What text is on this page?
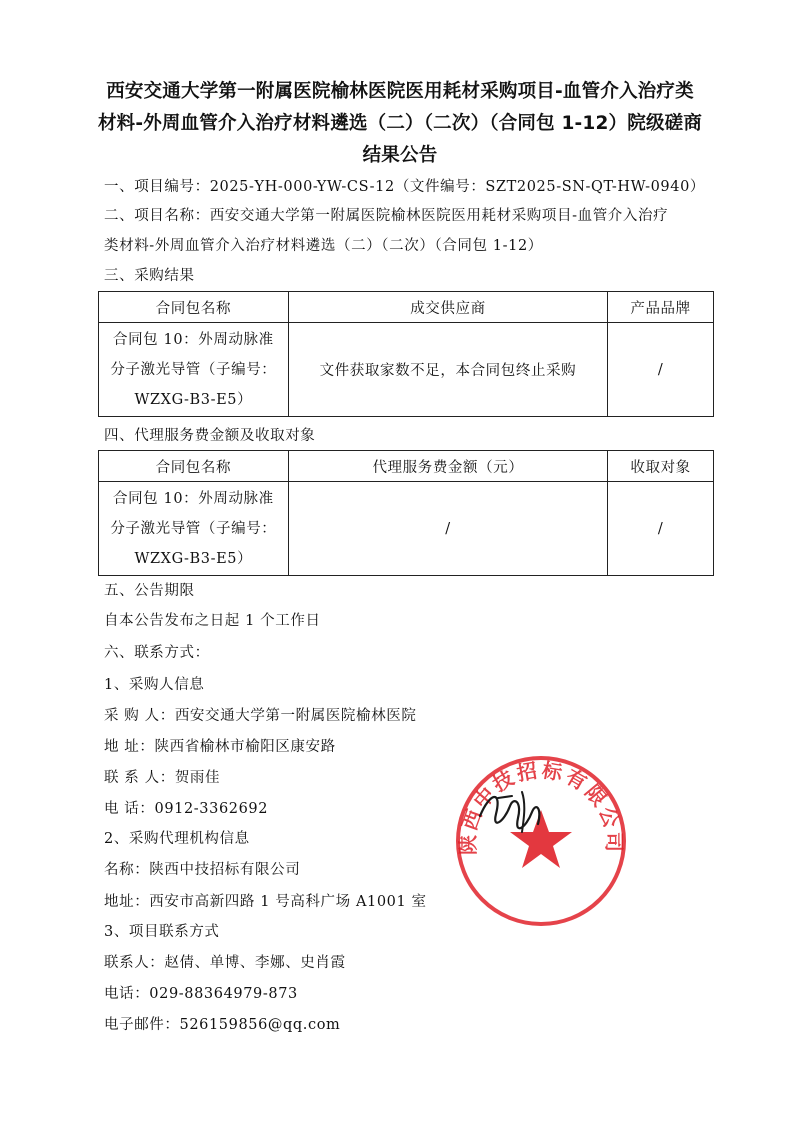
西安交通大学第一附属医院榆林医院医用耗材采购项目-血管介入治疗类
材料-外周血管介入治疗材料遴选（二）（二次）（合同包 1-12）院级磋商
结果公告
一、项目编号：2025-YH-000-YW-CS-12（文件编号：SZT2025-SN-QT-HW-0940）
二、项目名称：西安交通大学第一附属医院榆林医院医用耗材采购项目-血管介入治疗
类材料-外周血管介入治疗材料遴选（二）（二次）（合同包 1-12）
三、采购结果
合同包名称	成交供应商	产品品牌

合同包 10：外周动脉准
分子激光导管（子编号：
WZXG-B3-E5）	文件获取家数不足，本合同包终止采购	/
四、代理服务费金额及收取对象
合同包名称	代理服务费金额（元）	收取对象

合同包 10：外周动脉准
分子激光导管（子编号：
WZXG-B3-E5）	/	/
五、公告期限
自本公告发布之日起 1 个工作日
六、联系方式：
1、采购人信息
采 购 人：西安交通大学第一附属医院榆林医院
地 址：陕西省榆林市榆阳区康安路
联 系 人：贺雨佳
电 话：0912-3362692
2、采购代理机构信息
名称：陕西中技招标有限公司
地址：西安市高新四路 1 号高科广场 A1001 室
3、项目联系方式
联系人：赵倩、单博、李娜、史肖霞
电话：029-88364979-873
电子邮件：526159856@qq.com
陕西中技招标有限公司
